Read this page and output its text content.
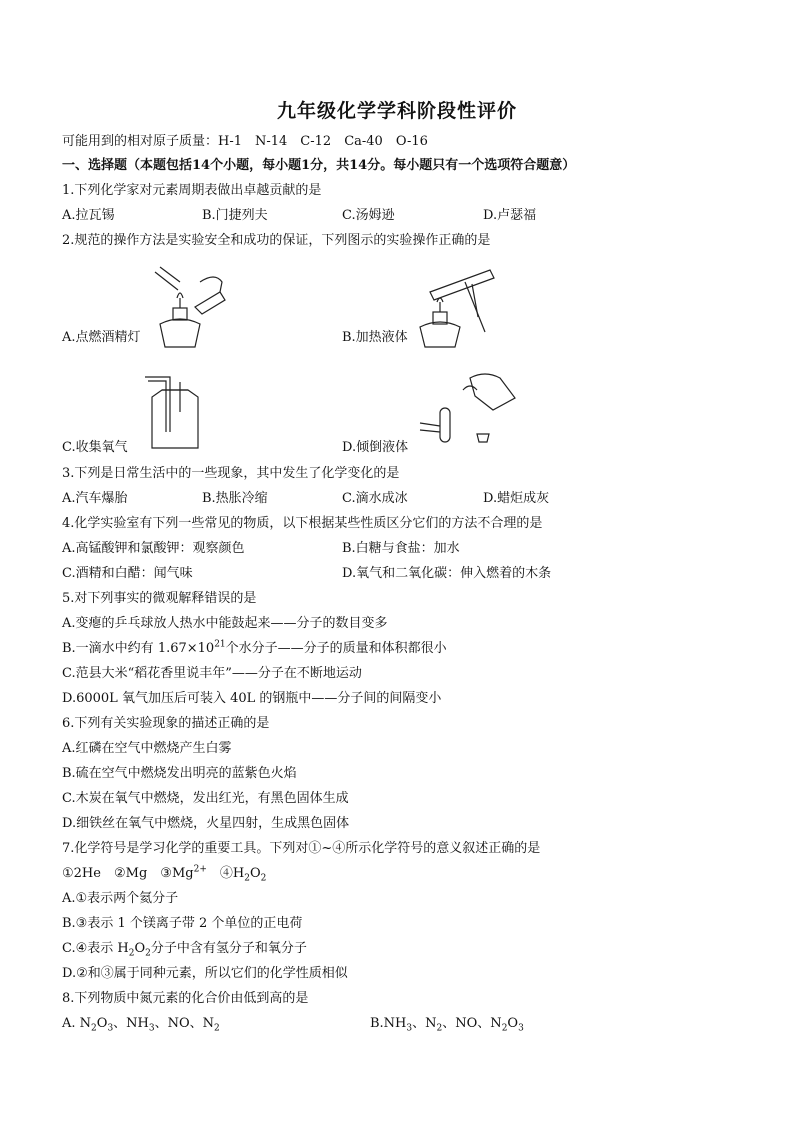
九年级化学学科阶段性评价
可能用到的相对原子质量：H-1　N-14　C-12　Ca-40　O-16
一、选择题（本题包括14个小题，每小题1分，共14分。每小题只有一个选项符合题意）
1.下列化学家对元素周期表做出卓越贡献的是
A.拉瓦锡	B.门捷列夫	C.汤姆逊	D.卢瑟福
2.规范的操作方法是实验安全和成功的保证，下列图示的实验操作正确的是
A.点燃酒精灯	B.加热液体
C.收集氧气	D.倾倒液体
3.下列是日常生活中的一些现象，其中发生了化学变化的是
A.汽车爆胎	B.热胀冷缩	C.滴水成冰	D.蜡炬成灰
4.化学实验室有下列一些常见的物质，以下根据某些性质区分它们的方法不合理的是
A.高锰酸钾和氯酸钾：观察颜色	B.白糖与食盐：加水
C.酒精和白醋：闻气味	D.氧气和二氧化碳：伸入燃着的木条
5.对下列事实的微观解释错误的是
A.变瘪的乒乓球放人热水中能鼓起来——分子的数目变多
B.一滴水中约有 $1.67\times 10^{21}$个水分子——分子的质量和体积都很小
C.范县大米“稻花香里说丰年”——分子在不断地运动
D.6000L 氧气加压后可装入 40L 的钢瓶中——分子间的间隔变小
6.下列有关实验现象的描述正确的是
A.红磷在空气中燃烧产生白雾
B.硫在空气中燃烧发出明亮的蓝紫色火焰
C.木炭在氧气中燃烧，发出红光，有黑色固体生成
D.细铁丝在氧气中燃烧，火星四射，生成黑色固体
7.化学符号是学习化学的重要工具。下列对①~④所示化学符号的意义叙述正确的是
①2He　 ②Mg　 $③Mg^{2+}$　 $④H_2O_2$
A.①表示两个氦分子
B.③表示 1 个镁离子带 2 个单位的正电荷
C.④表示 $H_2O_2$分子中含有氢分子和氧分子
D.②和③属于同种元素，所以它们的化学性质相似
8.下列物质中氮元素的化合价由低到高的是
A. $N_2O_3$、$NH_3$、NO、$N_2$	$B.NH_3$、$N_2$、NO、$N_2O_3$
